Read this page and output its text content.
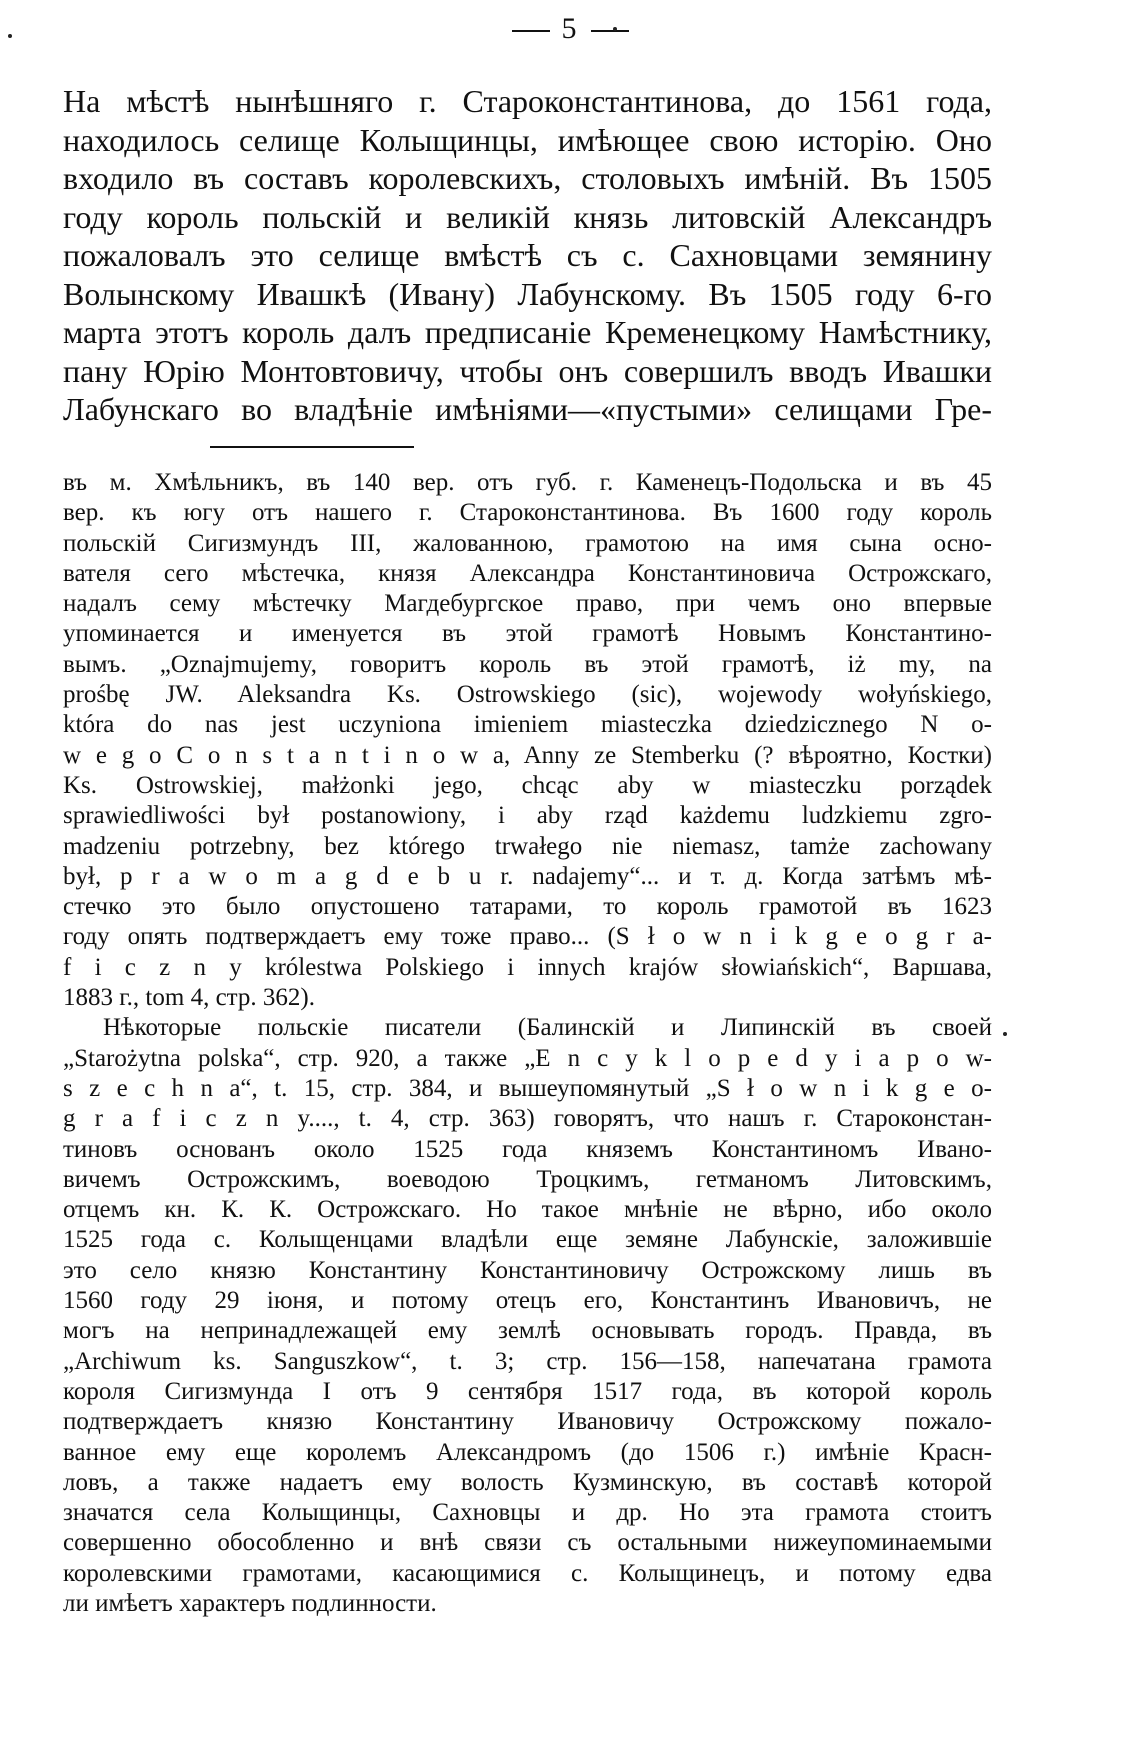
5
На мѣстѣ нынѣшняго г. Староконстантинова, до 1561 года,
находилось селище Колыщинцы, имѣющее свою исторію. Оно
входило въ составъ королевскихъ, столовыхъ имѣній. Въ 1505
году король польскій и великій князь литовскій Александръ
пожаловалъ это селище вмѣстѣ съ с. Сахновцами земянину
Волынскому Ивашкѣ (Ивану) Лабунскому. Въ 1505 году 6-го
марта этотъ король далъ предписаніе Кременецкому Намѣстнику,
пану Юрію Монтовтовичу, чтобы онъ совершилъ вводъ Ивашки
Лабунскаго во владѣніе имѣніями—«пустыми» селищами Гре-
въ м. Хмѣльникъ, въ 140 вер. отъ губ. г. Каменецъ-Подольска и въ 45
вер. къ югу отъ нашего г. Староконстантинова. Въ 1600 году король
польскій Сигизмундъ III, жалованною, грамотою на имя сына осно-
вателя сего мѣстечка, князя Александра Константиновича Острожскаго,
надалъ сему мѣстечку Магдебургское право, при чемъ оно впервые
упоминается и именуется въ этой грамотѣ Новымъ Константино-
вымъ. „Oznajmujemy, говоритъ король въ этой грамотѣ, iż my, na
prośbę JW. Aleksandra Ks. Ostrowskiego (sic), wojewody wołyńskiego,
która do nas jest uczyniona imieniem miasteczka dziedzicznego N o-
w e g o C o n s t a n t i n o w a, Anny ze Stemberku (? вѣроятно, Костки)
Ks. Ostrowskiej, małżonki jego, chcąc aby w miasteczku porządek
sprawiedliwości był postanowiony, i aby rząd każdemu ludzkiemu zgro-
madzeniu potrzebny, bez którego trwałego nie niemasz, tamże zachowany
był, p r a w o m a g d e b u r. nadajemy“... и т. д. Когда затѣмъ мѣ-
стечко это было опустошено татарами, то король грамотой въ 1623
году опять подтверждаетъ ему тоже право... (S ł o w n i k g e o g r a-
f i c z n y królestwa Polskiego i innych krajów słowiańskich“, Варшава,
1883 г., tom 4, стр. 362).
Нѣкоторые польскіе писатели (Балинскій и Липинскій въ своей
„Starożytna polska“, стр. 920, а также „E n c y k l o p e d y i a p o w-
s z e c h n a“, t. 15, стр. 384, и вышеупомянутый „S ł o w n i k g e o-
g r a f i c z n y...., t. 4, стр. 363) говорятъ, что нашъ г. Староконстан-
тиновъ основанъ около 1525 года княземъ Константиномъ Ивано-
вичемъ Острожскимъ, воеводою Троцкимъ, гетманомъ Литовскимъ,
отцемъ кн. К. К. Острожскаго. Но такое мнѣніе не вѣрно, ибо около
1525 года с. Колыщенцами владѣли еще земяне Лабунскіе, заложившіе
это село князю Константину Константиновичу Острожскому лишь въ
1560 году 29 іюня, и потому отецъ его, Константинъ Ивановичъ, не
могъ на непринадлежащей ему землѣ основывать городъ. Правда, въ
„Archiwum ks. Sanguszkow“, t. 3; стр. 156—158, напечатана грамота
короля Сигизмунда I отъ 9 сентября 1517 года, въ которой король
подтверждаетъ князю Константину Ивановичу Острожскому пожало-
ванное ему еще королемъ Александромъ (до 1506 г.) имѣніе Красн-
ловъ, а также надаетъ ему волость Кузминскую, въ составѣ которой
значатся села Колыщинцы, Сахновцы и др. Но эта грамота стоитъ
совершенно обособленно и внѣ связи съ остальными нижеупоминаемыми
королевскими грамотами, касающимися с. Колыщинецъ, и потому едва
ли имѣетъ характеръ подлинности.
